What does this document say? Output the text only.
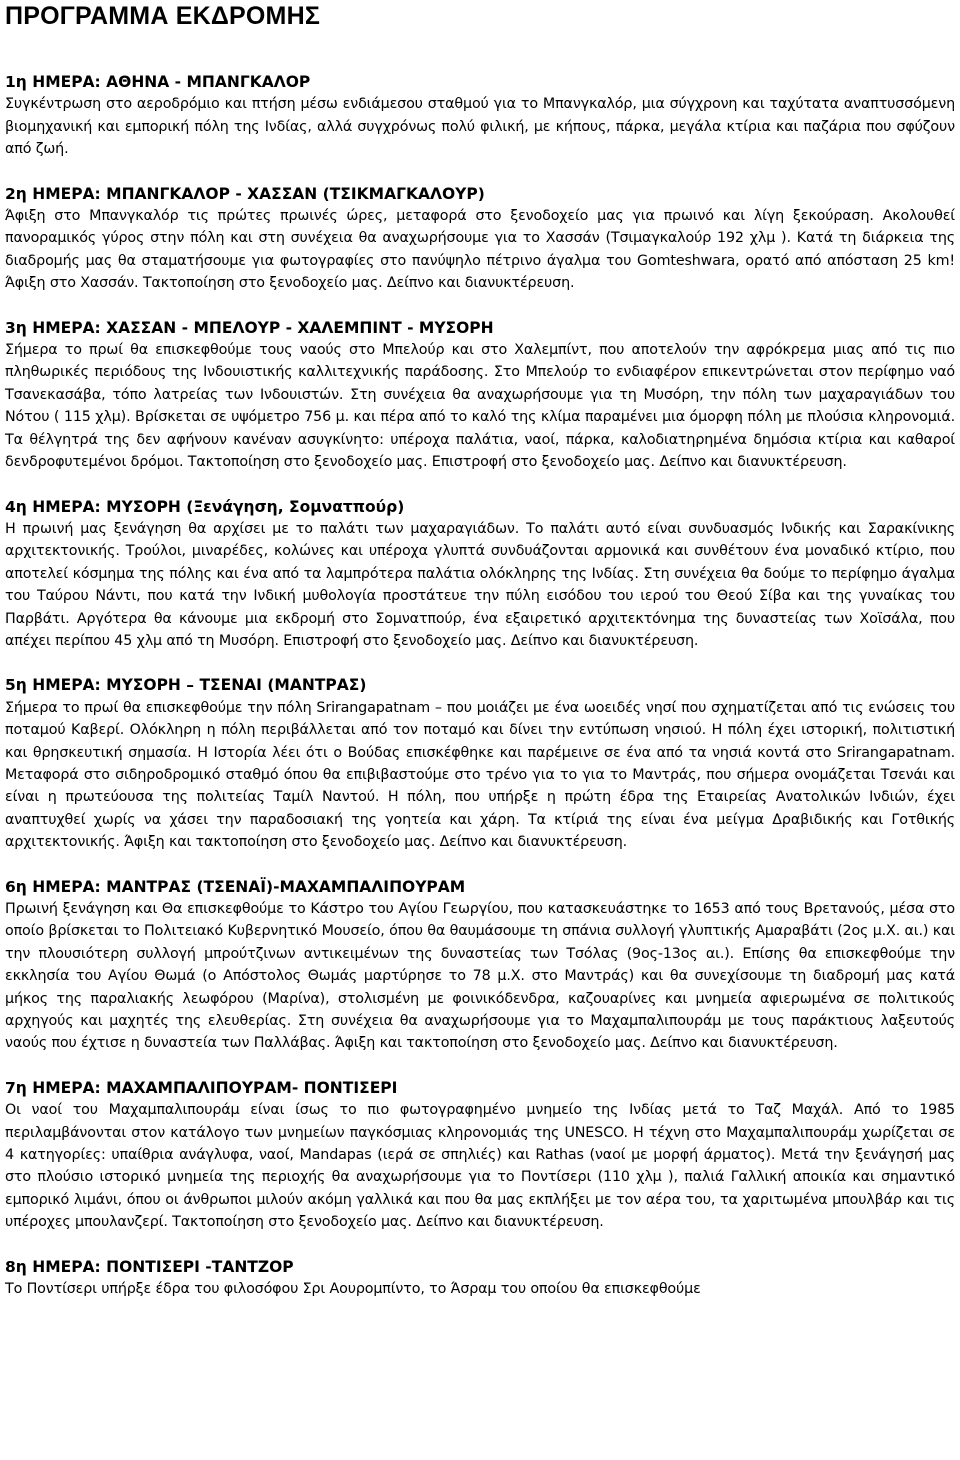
ΠΡΟΓΡΑΜΜΑ ΕΚΔΡΟΜΗΣ
1η ΗΜΕΡΑ: ΑΘΗΝΑ - ΜΠΑΝΓΚΑΛΟΡ

Συγκέντρωση στο αεροδρόμιο και πτήση μέσω ενδιάμεσου σταθμού για το Μπανγκαλόρ, μια σύγχρονη και ταχύτατα αναπτυσσόμενη βιομηχανική και εμπορική πόλη της Ινδίας, αλλά συγχρόνως πολύ φιλική, με κήπους, πάρκα, μεγάλα κτίρια και παζάρια που σφύζουν από ζωή.

2η ΗΜΕΡΑ: ΜΠΑΝΓΚΑΛΟΡ - ΧΑΣΣΑΝ (ΤΣΙΚΜΑΓΚΑΛΟΥΡ)

Άφιξη στο Μπανγκαλόρ τις πρώτες πρωινές ώρες, μεταφορά στο ξενοδοχείο μας για πρωινό και λίγη ξεκούραση. Ακολουθεί πανοραμικός γύρος στην πόλη και στη συνέχεια θα αναχωρήσουμε για το Χασσάν (Τσιμαγκαλούρ 192 χλμ ). Κατά τη διάρκεια της διαδρομής μας θα σταματήσουμε για φωτογραφίες στο πανύψηλο πέτρινο άγαλμα του Gomteshwara, ορατό από απόσταση 25 km! Άφιξη στο Χασσάν. Τακτοποίηση στο ξενοδοχείο μας. Δείπνο και διανυκτέρευση.

3η ΗΜΕΡΑ: ΧΑΣΣΑΝ - ΜΠΕΛΟΥΡ - ΧΑΛΕΜΠΙΝΤ - ΜΥΣΟΡΗ

Σήμερα το πρωί θα επισκεφθούμε τους ναούς στο Μπελούρ και στο Χαλεμπίντ, που αποτελούν την αφρόκρεμα μιας από τις πιο πληθωρικές περιόδους της Ινδουιστικής καλλιτεχνικής παράδοσης. Στο Μπελούρ το ενδιαφέρον επικεντρώνεται στον περίφημο ναό Τσανεκασάβα, τόπο λατρείας των Ινδουιστών. Στη συνέχεια θα αναχωρήσουμε για τη Μυσόρη, την πόλη των μαχαραγιάδων του Νότου ( 115 χλμ). Βρίσκεται σε υψόμετρο 756 μ. και πέρα από το καλό της κλίμα παραμένει μια όμορφη πόλη με πλούσια κληρονομιά. Τα θέλγητρά της δεν αφήνουν κανέναν ασυγκίνητο: υπέροχα παλάτια, ναοί, πάρκα, καλοδιατηρημένα δημόσια κτίρια και καθαροί δενδροφυτεμένοι δρόμοι. Τακτοποίηση στο ξενοδοχείο μας. Επιστροφή στο ξενοδοχείο μας. Δείπνο και διανυκτέρευση.

4η ΗΜΕΡΑ: ΜΥΣΟΡΗ (Ξενάγηση, Σομνατπούρ)

Η πρωινή μας ξενάγηση θα αρχίσει με το παλάτι των μαχαραγιάδων. Το παλάτι αυτό είναι συνδυασμός Ινδικής και Σαρακίνικης αρχιτεκτονικής. Τρούλοι, μιναρέδες, κολώνες και υπέροχα γλυπτά συνδυάζονται αρμονικά και συνθέτουν ένα μοναδικό κτίριο, που αποτελεί κόσμημα της πόλης και ένα από τα λαμπρότερα παλάτια ολόκληρης της Ινδίας. Στη συνέχεια θα δούμε το περίφημο άγαλμα του Ταύρου Νάντι, που κατά την Ινδική μυθολογία προστάτευε την πύλη εισόδου του ιερού του Θεού Σίβα και της γυναίκας του Παρβάτι. Αργότερα θα κάνουμε μια εκδρομή στο Σομνατπούρ, ένα εξαιρετικό αρχιτεκτόνημα της δυναστείας των Χοϊσάλα, που απέχει περίπου 45 χλμ από τη Μυσόρη. Επιστροφή στο ξενοδοχείο μας. Δείπνο και διανυκτέρευση.

5η ΗΜΕΡΑ: ΜΥΣΟΡΗ – ΤΣΕΝΑΙ (ΜΑΝΤΡΑΣ)

Σήμερα το πρωί θα επισκεφθούμε την πόλη Srirangapatnam – που μοιάζει με ένα ωοειδές νησί που σχηματίζεται από τις ενώσεις του ποταμού Καβερί. Ολόκληρη η πόλη περιβάλλεται από τον ποταμό και δίνει την εντύπωση νησιού. Η πόλη έχει ιστορική, πολιτιστική και θρησκευτική σημασία. Η Ιστορία λέει ότι ο Βούδας επισκέφθηκε και παρέμεινε σε ένα από τα νησιά κοντά στο Srirangapatnam. Μεταφορά στο σιδηροδρομικό σταθμό όπου θα επιβιβαστούμε στο τρένο για το για το Μαντράς, που σήμερα ονομάζεται Τσενάι και είναι η πρωτεύουσα της πολιτείας Ταμίλ Ναντού. Η πόλη, που υπήρξε η πρώτη έδρα της Εταιρείας Ανατολικών Ινδιών, έχει αναπτυχθεί χωρίς να χάσει την παραδοσιακή της γοητεία και χάρη. Τα κτίριά της είναι ένα μείγμα Δραβιδικής και Γοτθικής αρχιτεκτονικής. Άφιξη και τακτοποίηση στο ξενοδοχείο μας. Δείπνο και διανυκτέρευση.

6η ΗΜΕΡΑ: ΜΑΝΤΡΑΣ (ΤΣΕΝΑΪ)-ΜΑΧΑΜΠΑΛΙΠΟΥΡΑΜ

Πρωινή ξενάγηση και Θα επισκεφθούμε το Κάστρο του Αγίου Γεωργίου, που κατασκευάστηκε το 1653 από τους Βρετανούς, μέσα στο οποίο βρίσκεται το Πολιτειακό Κυβερνητικό Μουσείο, όπου θα θαυμάσουμε τη σπάνια συλλογή γλυπτικής Αμαραβάτι (2ος μ.Χ. αι.) και την πλουσιότερη συλλογή μπρούτζινων αντικειμένων της δυναστείας των Τσόλας (9ος-13ος αι.). Επίσης θα επισκεφθούμε την εκκλησία του Αγίου Θωμά (ο Απόστολος Θωμάς μαρτύρησε το 78 μ.Χ. στο Μαντράς) και θα συνεχίσουμε τη διαδρομή μας κατά μήκος της παραλιακής λεωφόρου (Μαρίνα), στολισμένη με φοινικόδενδρα, καζουαρίνες και μνημεία αφιερωμένα σε πολιτικούς αρχηγούς και μαχητές της ελευθερίας. Στη συνέχεια θα αναχωρήσουμε για το Μαχαμπαλιπουράμ με τους παράκτιους λαξευτούς ναούς που έχτισε η δυναστεία των Παλλάβας. Άφιξη και τακτοποίηση στο ξενοδοχείο μας. Δείπνο και διανυκτέρευση.

7η ΗΜΕΡΑ: ΜΑΧΑΜΠΑΛΙΠΟΥΡΑΜ- ΠΟΝΤΙΣΕΡΙ

Οι ναοί του Μαχαμπαλιπουράμ είναι ίσως το πιο φωτογραφημένο μνημείο της Ινδίας μετά το Ταζ Μαχάλ. Από το 1985 περιλαμβάνονται στον κατάλογο των μνημείων παγκόσμιας κληρονομιάς της UNESCO. Η τέχνη στο Μαχαμπαλιπουράμ χωρίζεται σε 4 κατηγορίες: υπαίθρια ανάγλυφα, ναοί, Mandapas (ιερά σε σπηλιές) και Rathas (ναοί με μορφή άρματος). Μετά την ξενάγησή μας στο πλούσιο ιστορικό μνημεία της περιοχής θα αναχωρήσουμε για το Ποντίσερι (110 χλμ ), παλιά Γαλλική αποικία και σημαντικό εμπορικό λιμάνι, όπου οι άνθρωποι μιλούν ακόμη γαλλικά και που θα μας εκπλήξει με τον αέρα του, τα χαριτωμένα μπουλβάρ και τις υπέροχες μπουλανζερί. Τακτοποίηση στο ξενοδοχείο μας. Δείπνο και διανυκτέρευση.

8η ΗΜΕΡΑ: ΠΟΝΤΙΣΕΡΙ -ΤΑΝΤΖΟΡ

Το Ποντίσερι υπήρξε έδρα του φιλοσόφου Σρι Αουρομπίντο, το Άσραμ του οποίου θα επισκεφθούμε
